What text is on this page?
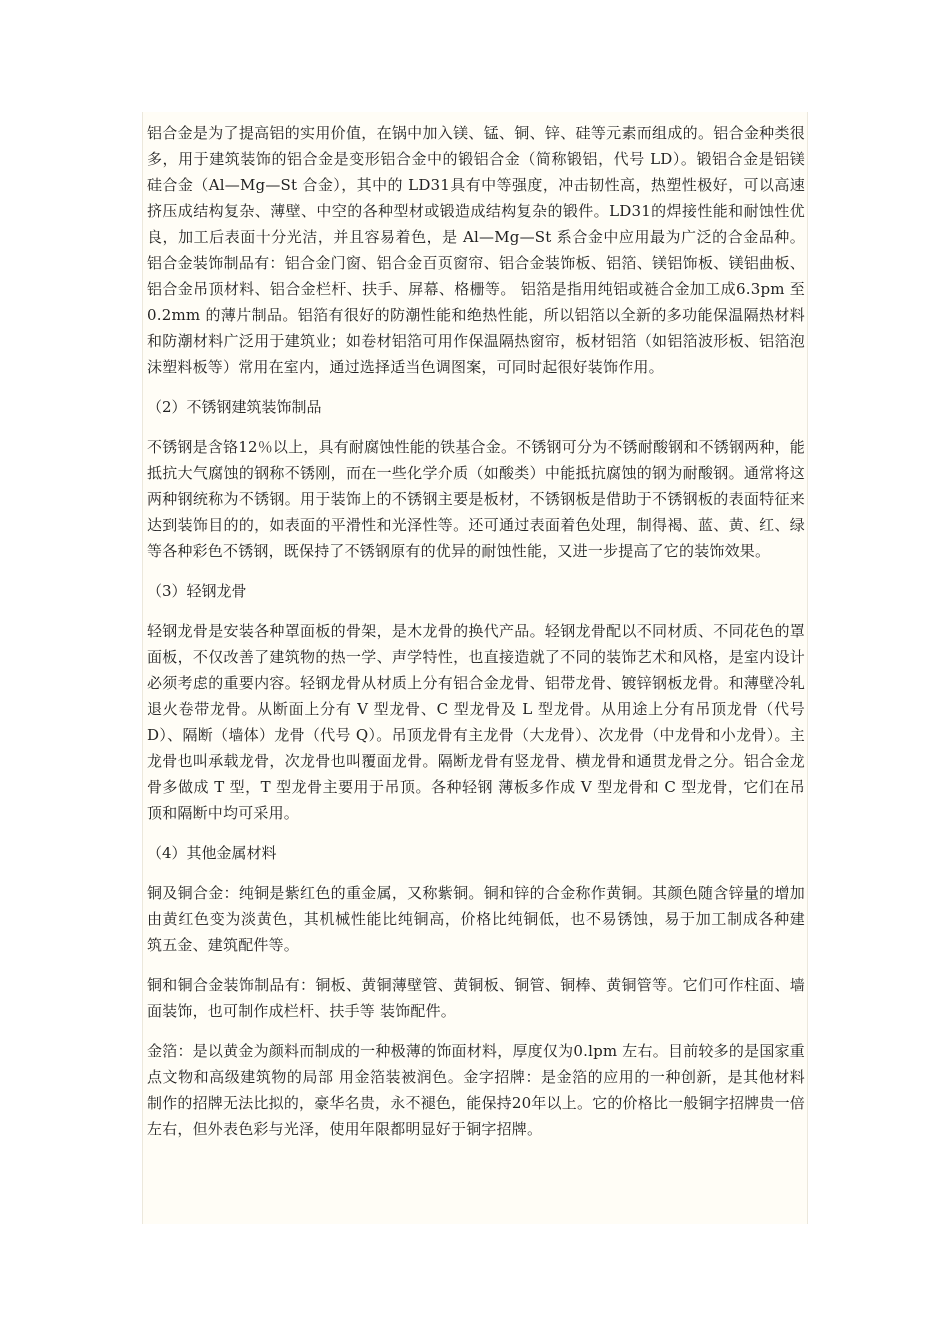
铝合金是为了提高铝的实用价值，在锅中加入镁、锰、铜、锌、硅等元素而组成的。铝合金种类很多，用于建筑装饰的铝合金是变形铝合金中的锻铝合金（简称锻铝，代号 LD）。锻铝合金是铝镁硅合金（Al—Mg—St 合金），其中的 LD31具有中等强度，冲击韧性高，热塑性极好，可以高速挤压成结构复杂、薄壁、中空的各种型材或锻造成结构复杂的锻件。LD31的焊接性能和耐蚀性优良，加工后表面十分光洁，并且容易着色，是 Al—Mg—St 系合金中应用最为广泛的合金品种。铝合金装饰制品有：铝合金门窗、铝合金百页窗帘、铝合金装饰板、铝箔、镁铝饰板、镁铝曲板、铝合金吊顶材料、铝合金栏杆、扶手、屏幕、格栅等。 铝箔是指用纯铝或裢合金加工成6.3pm 至0.2mm 的薄片制品。铝箔有很好的防潮性能和绝热性能，所以铝箔以全新的多功能保温隔热材料和防潮材料广泛用于建筑业；如卷材铝箔可用作保温隔热窗帘，板材铝箔（如铝箔波形板、铝箔泡沫塑料板等）常用在室内，通过选择适当色调图案，可同时起很好装饰作用。

（2）不锈钢建筑装饰制品

不锈钢是含铬12％以上，具有耐腐蚀性能的铁基合金。不锈钢可分为不锈耐酸钢和不锈钢两种，能抵抗大气腐蚀的钢称不锈刚，而在一些化学介质（如酸类）中能抵抗腐蚀的钢为耐酸钢。通常将这两种钢统称为不锈钢。用于装饰上的不锈钢主要是板材，不锈钢板是借助于不锈钢板的表面特征来达到装饰目的的，如表面的平滑性和光泽性等。还可通过表面着色处理，制得褐、蓝、黄、红、绿等各种彩色不锈钢，既保持了不锈钢原有的优异的耐蚀性能，又进一步提高了它的装饰效果。

（3）轻钢龙骨

轻钢龙骨是安装各种罩面板的骨架，是木龙骨的换代产品。轻钢龙骨配以不同材质、不同花色的罩面板，不仅改善了建筑物的热一学、声学特性，也直接造就了不同的装饰艺术和风格，是室内设计必须考虑的重要内容。轻钢龙骨从材质上分有铝合金龙骨、铝带龙骨、镀锌钢板龙骨。和薄壁冷轧退火卷带龙骨。从断面上分有 V 型龙骨、C 型龙骨及 L 型龙骨。从用途上分有吊顶龙骨（代号 D）、隔断（墙体）龙骨（代号 Q）。吊顶龙骨有主龙骨（大龙骨）、次龙骨（中龙骨和小龙骨）。主龙骨也叫承载龙骨，次龙骨也叫覆面龙骨。隔断龙骨有竖龙骨、横龙骨和通贯龙骨之分。铝合金龙骨多做成 T 型，T 型龙骨主要用于吊顶。各种轻钢 薄板多作成 V 型龙骨和 C 型龙骨，它们在吊顶和隔断中均可采用。

（4）其他金属材料

铜及铜合金：纯铜是紫红色的重金属，又称紫铜。铜和锌的合金称作黄铜。其颜色随含锌量的增加由黄红色变为淡黄色，其机械性能比纯铜高，价格比纯铜低，也不易锈蚀，易于加工制成各种建 筑五金、建筑配件等。

铜和铜合金装饰制品有：铜板、黄铜薄壁管、黄铜板、铜管、铜棒、黄铜管等。它们可作柱面、墙面装饰，也可制作成栏杆、扶手等 装饰配件。

金箔：是以黄金为颜料而制成的一种极薄的饰面材料，厚度仅为0.lpm 左右。目前较多的是国家重点文物和高级建筑物的局部 用金箔装被润色。金字招牌：是金箔的应用的一种创新，是其他材料制作的招牌无法比拟的，豪华名贵，永不褪色，能保持20年以上。它的价格比一般铜字招牌贵一倍左右，但外表色彩与光泽，使用年限都明显好于铜字招牌。
